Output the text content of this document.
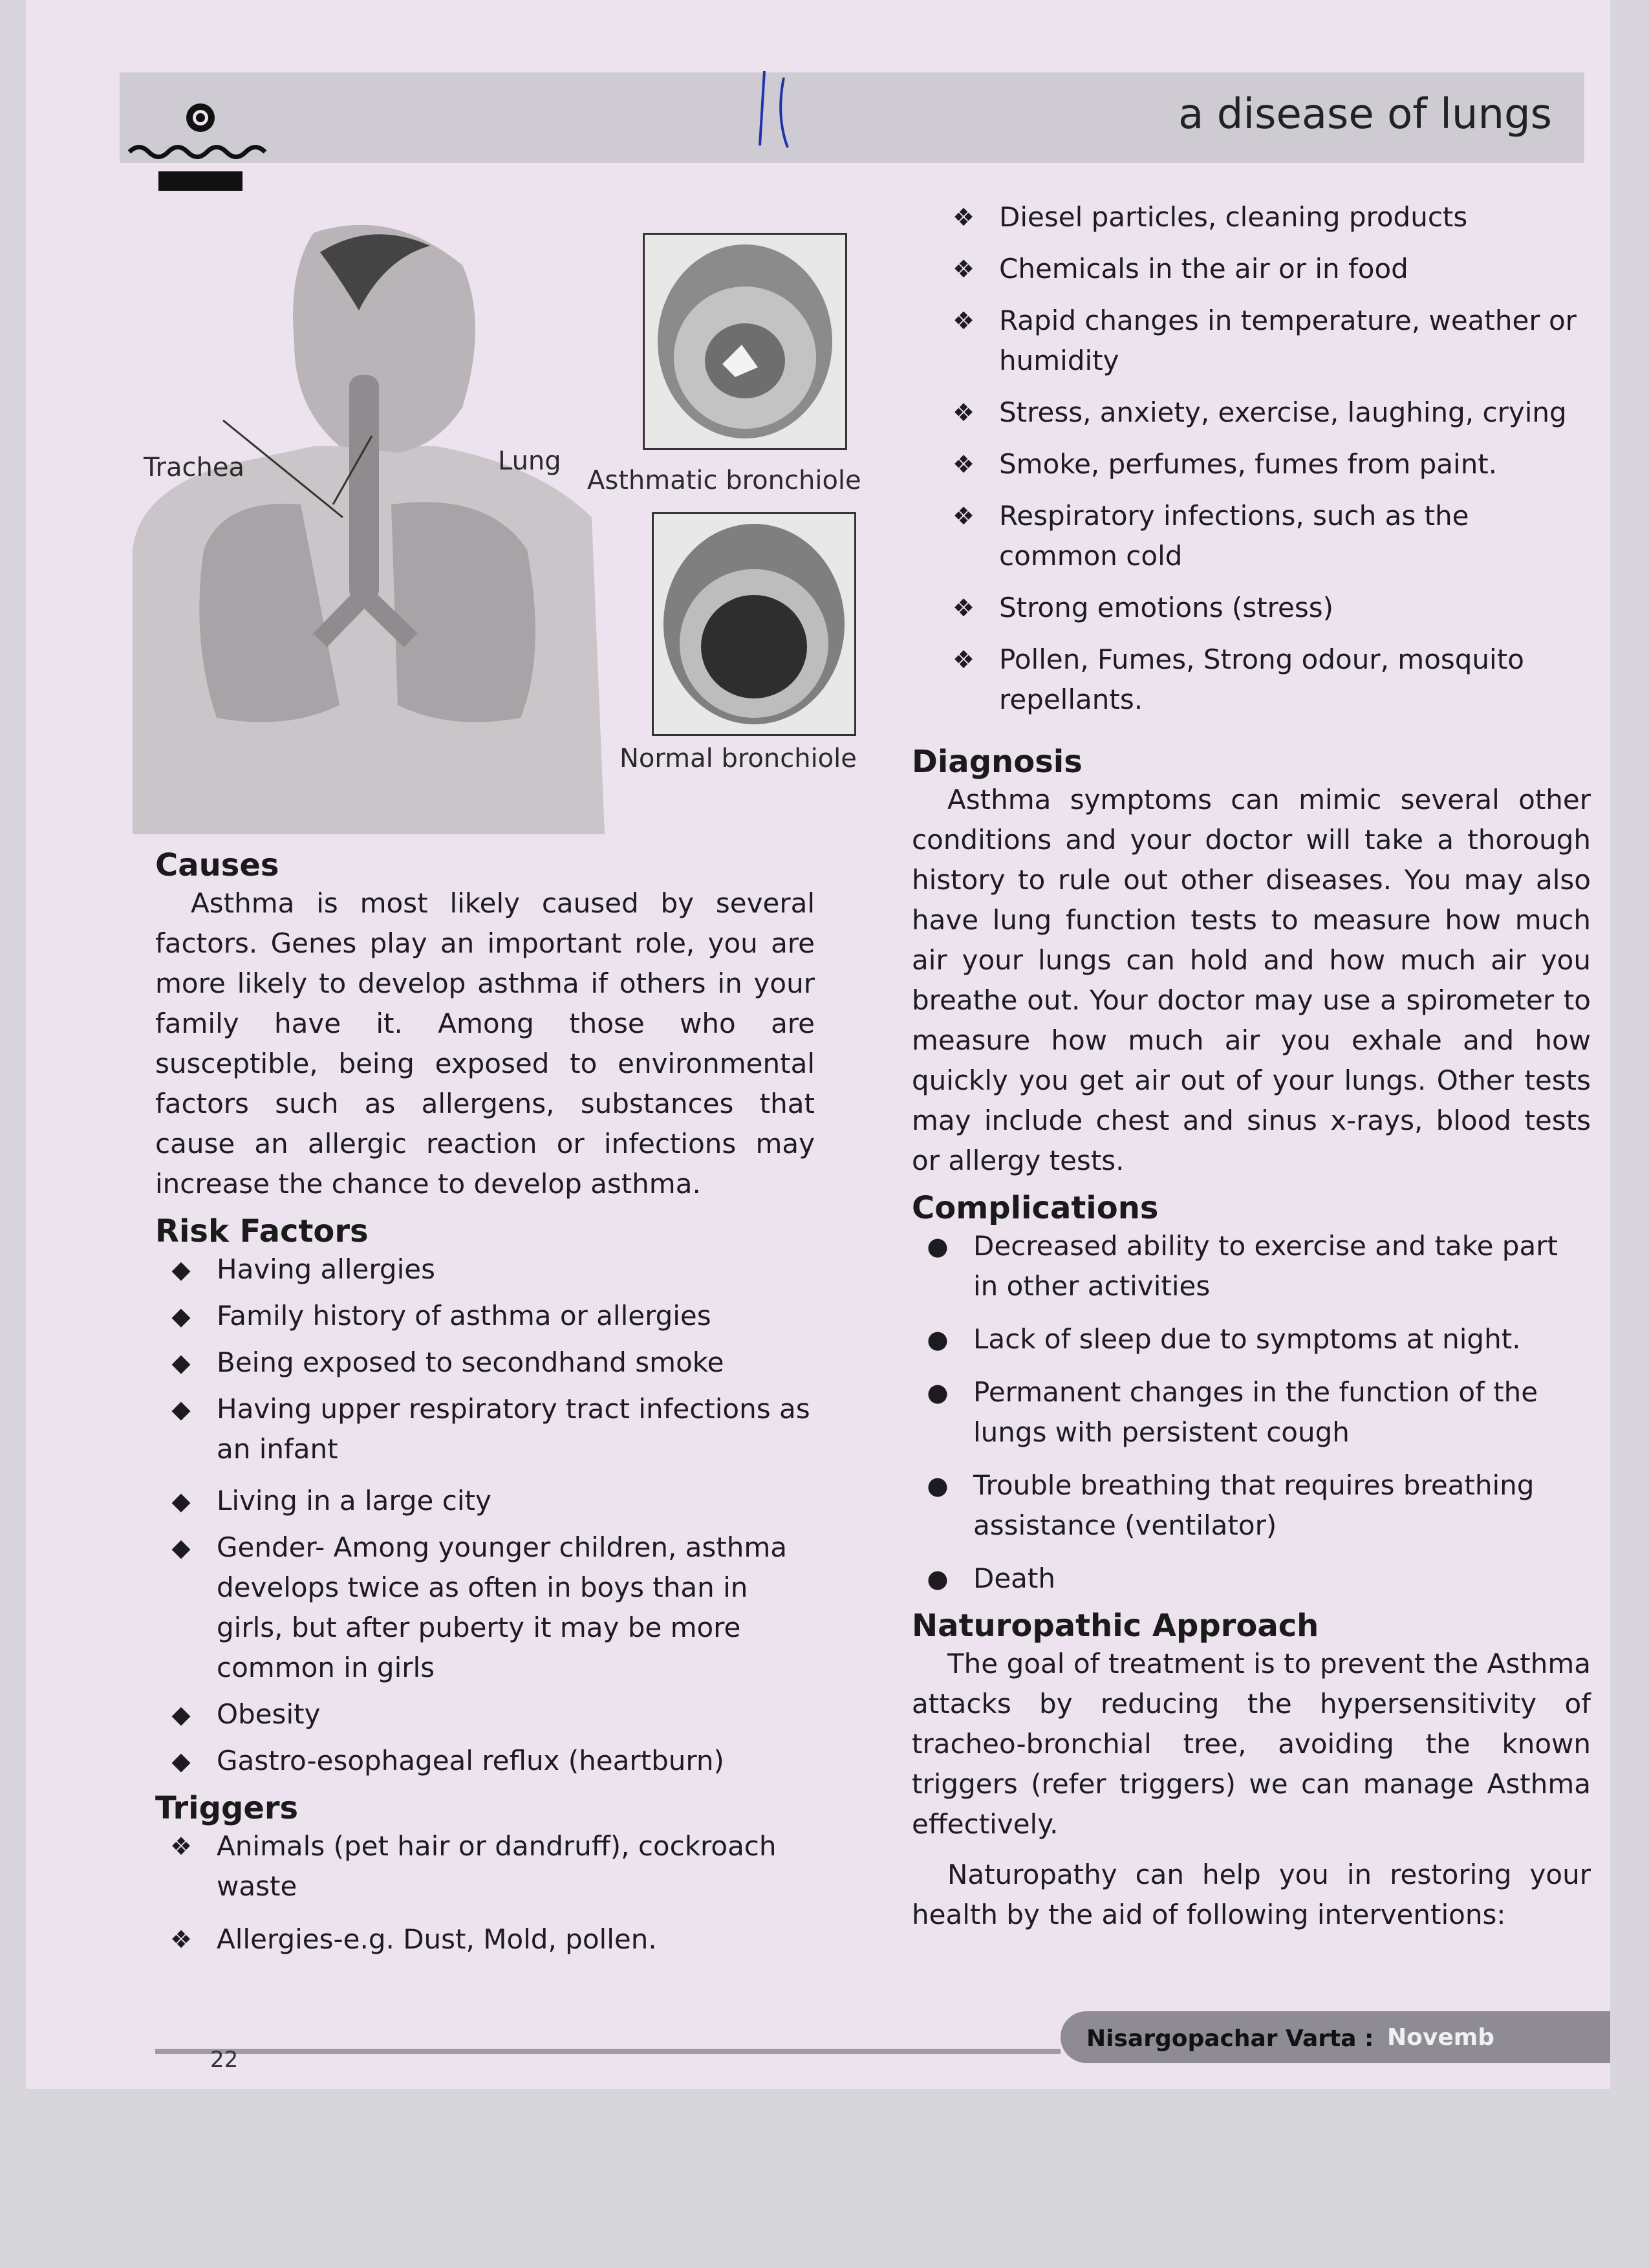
a disease of lungs
Trachea	Lung
Asthmatic bronchiole
Normal bronchiole
❖ Diesel particles, cleaning products
❖ Chemicals in the air or in food
❖ Rapid changes in temperature, weather or humidity
❖ Stress, anxiety, exercise, laughing, crying
❖ Smoke, perfumes, fumes from paint.
❖ Respiratory infections, such as the common cold
❖ Strong emotions (stress)
❖ Pollen, Fumes, Strong odour, mosquito repellants.
Causes

Asthma is most likely caused by several factors. Genes play an important role, you are more likely to develop asthma if others in your family have it. Among those who are susceptible, being exposed to environmental factors such as allergens, substances that cause an allergic reaction or infections may increase the chance to develop asthma.

Risk Factors
◆ Having allergies
◆ Family history of asthma or allergies
◆ Being exposed to secondhand smoke
◆ Having upper respiratory tract infections as an infant
◆ Living in a large city
◆ Gender- Among younger children, asthma develops twice as often in boys than in girls, but after puberty it may be more common in girls
◆ Obesity
◆ Gastro-esophageal reflux (heartburn)
Triggers
❖ Animals (pet hair or dandruff), cockroach waste
❖ Allergies-e.g. Dust, Mold, pollen.
Diagnosis

Asthma symptoms can mimic several other conditions and your doctor will take a thorough history to rule out other diseases. You may also have lung function tests to measure how much air your lungs can hold and how much air you breathe out. Your doctor may use a spirometer to measure how much air you exhale and how quickly you get air out of your lungs. Other tests may include chest and sinus x-rays, blood tests or allergy tests.

Complications
● Decreased ability to exercise and take part in other activities
● Lack of sleep due to symptoms at night.
● Permanent changes in the function of the lungs with persistent cough
● Trouble breathing that requires breathing assistance (ventilator)
● Death
Naturopathic Approach

The goal of treatment is to prevent the Asthma attacks by reducing the hypersensitivity of tracheo-bronchial tree, avoiding the known triggers (refer triggers) we can manage Asthma effectively.

Naturopathy can help you in restoring your health by the aid of following interventions:

22
Nisargopachar Varta : Novemb
